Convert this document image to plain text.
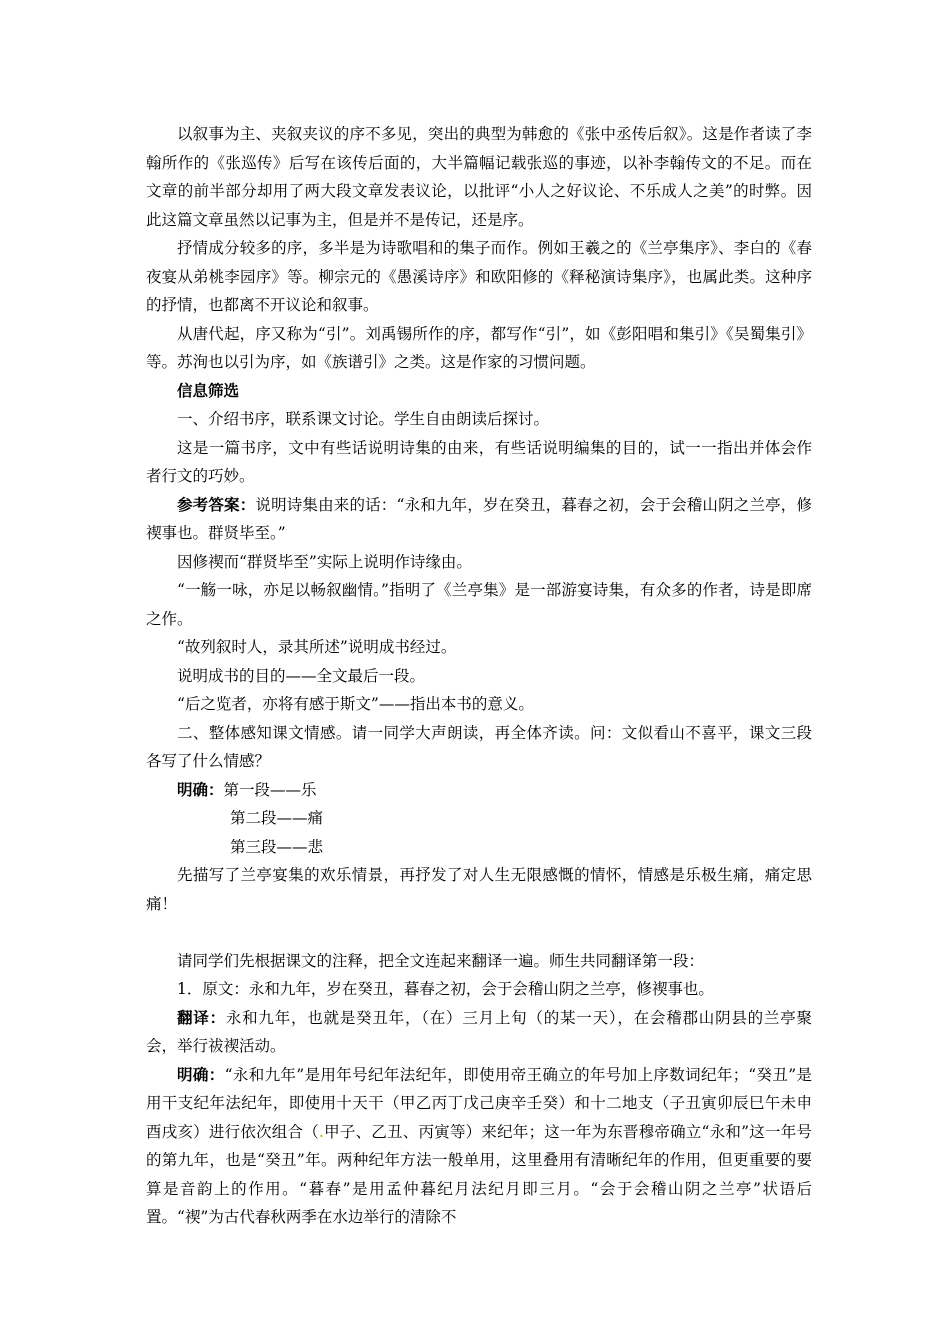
以叙事为主、夹叙夹议的序不多见，突出的典型为韩愈的《张中丞传后叙》。这是作者读了李翰所作的《张巡传》后写在该传后面的，大半篇幅记载张巡的事迹，以补李翰传文的不足。而在文章的前半部分却用了两大段文章发表议论，以批评“小人之好议论、不乐成人之美”的时弊。因此这篇文章虽然以记事为主，但是并不是传记，还是序。

抒情成分较多的序，多半是为诗歌唱和的集子而作。例如王羲之的《兰亭集序》、李白的《春夜宴从弟桃李园序》等。柳宗元的《愚溪诗序》和欧阳修的《释秘演诗集序》，也属此类。这种序的抒情，也都离不开议论和叙事。

从唐代起，序又称为“引”。刘禹锡所作的序，都写作“引”，如《彭阳唱和集引》《吴蜀集引》等。苏洵也以引为序，如《族谱引》之类。这是作家的习惯问题。

信息筛选

一、介绍书序，联系课文讨论。学生自由朗读后探讨。

这是一篇书序，文中有些话说明诗集的由来，有些话说明编集的目的，试一一指出并体会作者行文的巧妙。

参考答案：说明诗集由来的话：“永和九年，岁在癸丑，暮春之初，会于会稽山阴之兰亭，修禊事也。群贤毕至。”

因修禊而“群贤毕至”实际上说明作诗缘由。

“一觞一咏，亦足以畅叙幽情。”指明了《兰亭集》是一部游宴诗集，有众多的作者，诗是即席之作。

“故列叙时人，录其所述”说明成书经过。

说明成书的目的——全文最后一段。

“后之览者，亦将有感于斯文”——指出本书的意义。

二、整体感知课文情感。请一同学大声朗读，再全体齐读。问：文似看山不喜平，课文三段各写了什么情感？

明确：第一段——乐

第二段——痛

第三段——悲

先描写了兰亭宴集的欢乐情景，再抒发了对人生无限感慨的情怀，情感是乐极生痛，痛定思痛！

请同学们先根据课文的注释，把全文连起来翻译一遍。师生共同翻译第一段：

1．原文：永和九年，岁在癸丑，暮春之初，会于会稽山阴之兰亭，修禊事也。

翻译：永和九年，也就是癸丑年，（在）三月上旬（的某一天），在会稽郡山阴县的兰亭聚会，举行祓禊活动。

明确：“永和九年”是用年号纪年法纪年，即使用帝王确立的年号加上序数词纪年；“癸丑”是用干支纪年法纪年，即使用十天干（甲乙丙丁戊己庚辛壬癸）和十二地支（子丑寅卯辰巳午未申酉戌亥）进行依次组合（.甲子、乙丑、丙寅等）来纪年；这一年为东晋穆帝确立“永和”这一年号的第九年，也是“癸丑”年。两种纪年方法一般单用，这里叠用有清晰纪年的作用，但更重要的要算是音韵上的作用。“暮春”是用孟仲暮纪月法纪月即三月。“会于会稽山阴之兰亭”状语后置。“禊”为古代春秋两季在水边举行的清除不
